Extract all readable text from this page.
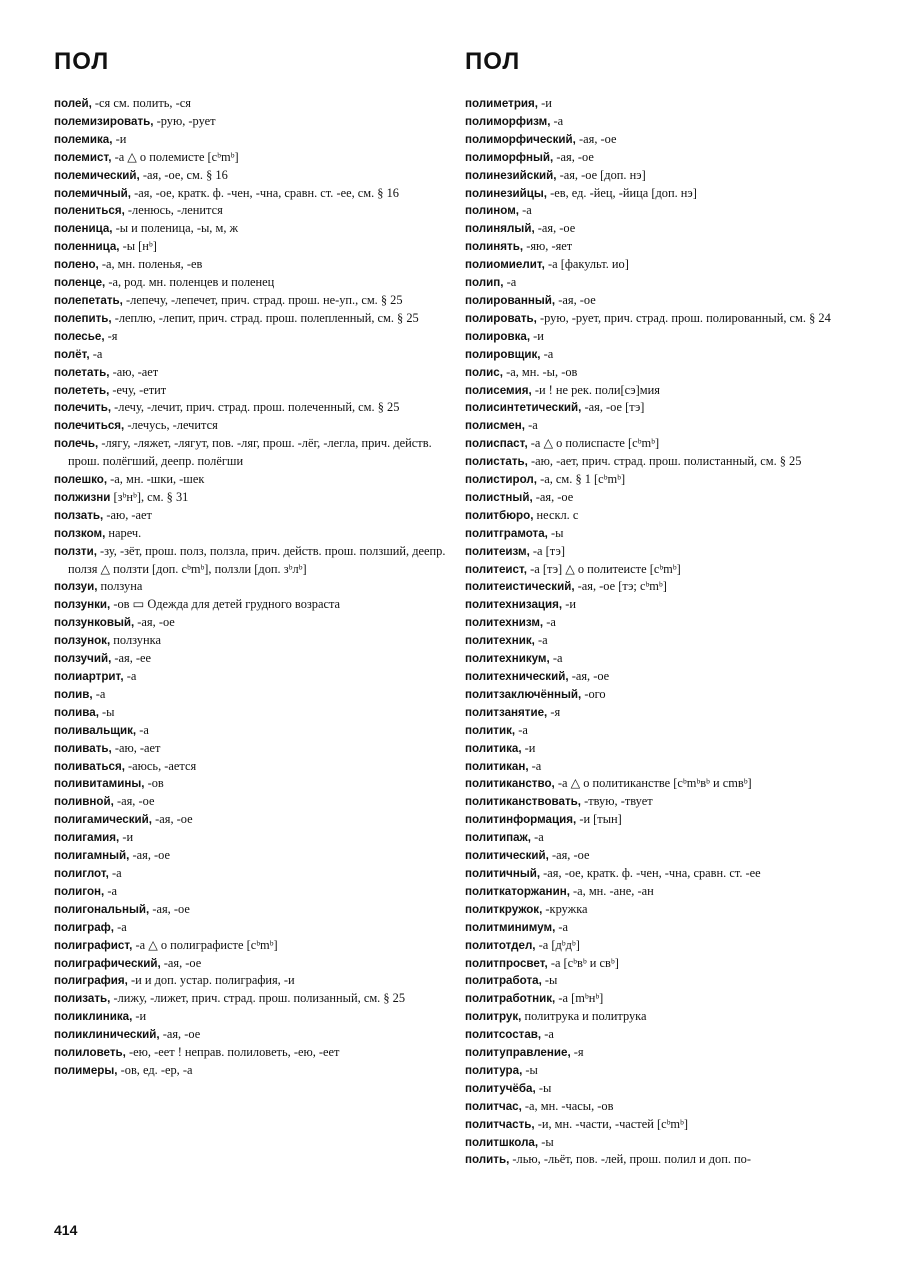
ПОЛ	ПОЛ
полей, -ся см. полить, -ся
полемизировать, -рую, -рует
полемика, -и
полемист, -а △ о полемисте [сᵇmᵇ]
полемический, -ая, -ое, см. § 16
полемичный, -ая, -ое, кратк. ф. -чен, -чна, сравн. ст. -ее, см. § 16
полениться, -ленюсь, -ленится
поленица, -ы и поленица, -ы, м, ж
поленница, -ы [нᵇ]
полено, -а, мн. поленья, -ев
поленце, -а, род. мн. поленцев и поленец
полепетать, -лепечу, -лепечет, прич. страд. прош. не-уп., см. § 25
полепить, -леплю, -лепит, прич. страд. прош. полепленный, см. § 25
полесье, -я
полёт, -а
полетать, -аю, -ает
полететь, -ечу, -етит
полечить, -лечу, -лечит, прич. страд. прош. полеченный, см. § 25
полечиться, -лечусь, -лечится
полечь, -лягу, -ляжет, -лягут, пов. -ляг, прош. -лёг, -легла, прич. действ. прош. полёгший, деепр. полёгши
полешко, -а, мн. -шки, -шек
полжизни [зᵇнᵇ], см. § 31
ползать, -аю, -ает
ползком, нареч.
ползти, -зу, -зёт, прош. полз, ползла, прич. действ. прош. ползший, деепр. ползя △ ползти [доп. сᵇmᵇ], ползли [доп. зᵇлᵇ]
ползуи, ползуна
ползунки, -ов ▭ Одежда для детей грудного возраста
ползунковый, -ая, -ое
ползунок, ползунка
ползучий, -ая, -ее
полиартрит, -а
полив, -а
полива, -ы
поливальщик, -а
поливать, -аю, -ает
поливаться, -аюсь, -ается
поливитамины, -ов
поливной, -ая, -ое
полигамический, -ая, -ое
полигамия, -и
полигамный, -ая, -ое
полиглот, -а
полигон, -а
полигональный, -ая, -ое
полиграф, -а
полиграфист, -а △ о полиграфисте [сᵇmᵇ]
полиграфический, -ая, -ое
полиграфия, -и и доп. устар. полиграфия, -и
полизать, -лижу, -лижет, прич. страд. прош. полизанный, см. § 25
поликлиника, -и
поликлинический, -ая, -ое
полиловеть, -ею, -еет ! неправ. полиловеть, -ею, -еет
полимеры, -ов, ед. -ер, -а
полиметрия, -и
полиморфизм, -а
полиморфический, -ая, -ое
полиморфный, -ая, -ое
полинезийский, -ая, -ое [доп. нэ]
полинезийцы, -ев, ед. -йец, -йица [доп. нэ]
полином, -а
полинялый, -ая, -ое
полинять, -яю, -яет
полиомиелит, -а [факульт. ио]
полип, -а
полированный, -ая, -ое
полировать, -рую, -рует, прич. страд. прош. полированный, см. § 24
полировка, -и
полировщик, -а
полис, -а, мн. -ы, -ов
полисемия, -и ! не рек. поли[сэ]мия
полисинтетический, -ая, -ое [тэ]
полисмен, -а
полиспаст, -а △ о полиспасте [сᵇmᵇ]
полистать, -аю, -ает, прич. страд. прош. полистанный, см. § 25
полистирол, -а, см. § 1 [сᵇmᵇ]
полистный, -ая, -ое
политбюро, нескл. с
политграмота, -ы
политеизм, -а [тэ]
политеист, -а [тэ] △ о политеисте [сᵇmᵇ]
политеистический, -ая, -ое [тэ; сᵇmᵇ]
политехнизация, -и
политехнизм, -а
политехник, -а
политехникум, -а
политехнический, -ая, -ое
политзаключённый, -ого
политзанятие, -я
политик, -а
политика, -и
политикан, -а
политиканство, -а △ о политиканстве [сᵇmᵇвᵇ и сmвᵇ]
политиканствовать, -твую, -твует
политинформация, -и [тын]
политипаж, -а
политический, -ая, -ое
политичный, -ая, -ое, кратк. ф. -чен, -чна, сравн. ст. -ее
политкаторжанин, -а, мн. -ане, -ан
политкружок, -кружка
политминимум, -а
политотдел, -а [дᵇдᵇ]
политпросвет, -а [сᵇвᵇ и свᵇ]
политработа, -ы
политработник, -а [mᵇнᵇ]
политрук, политрука и политрука
политсостав, -а
политуправление, -я
политура, -ы
политучёба, -ы
политчас, -а, мн. -часы, -ов
политчасть, -и, мн. -части, -частей [сᵇmᵇ]
политшкола, -ы
полить, -лью, -льёт, пов. -лей, прош. полил и доп. по-
414
